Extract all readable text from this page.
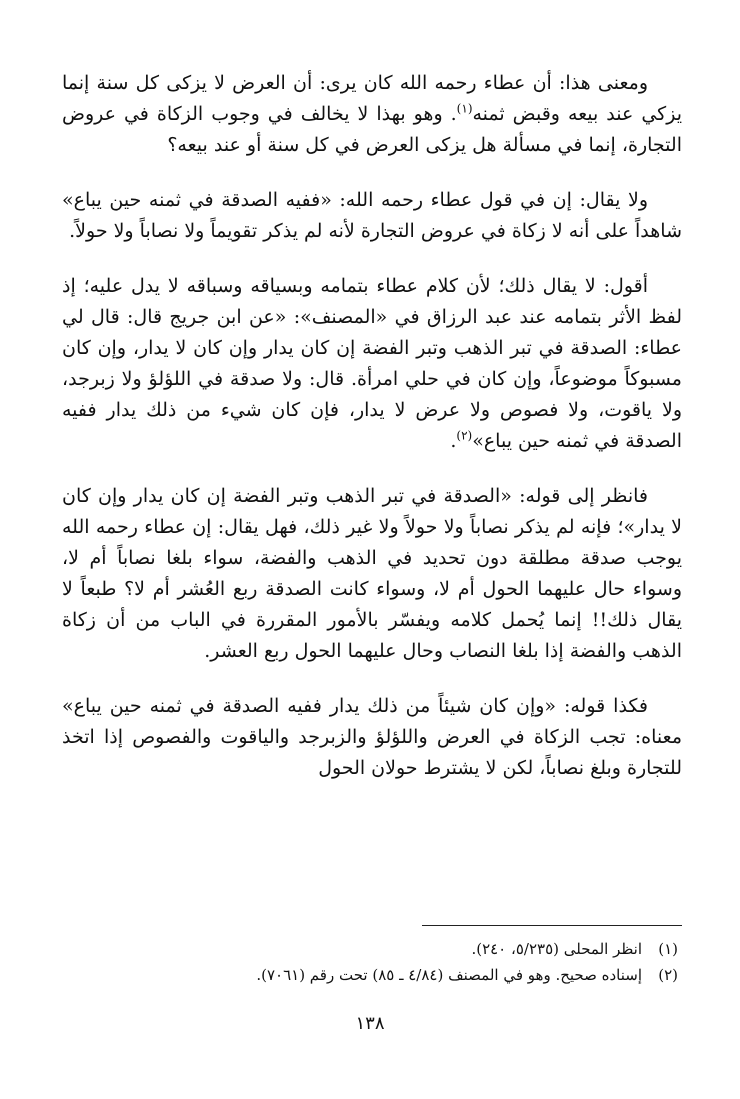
ومعنى هذا: أن عطاء رحمه الله كان يرى: أن العرض لا يزكى كل سنة إنما يزكي عند بيعه وقبض ثمنه$^{(١)}$. وهو بهذا لا يخالف في وجوب الزكاة في عروض التجارة، إنما في مسألة هل يزكى العرض في كل سنة أو عند بيعه؟

ولا يقال: إن في قول عطاء رحمه الله: «ففيه الصدقة في ثمنه حين يباع» شاهداً على أنه لا زكاة في عروض التجارة لأنه لم يذكر تقويماً ولا نصاباً ولا حولاً.

أقول: لا يقال ذلك؛ لأن كلام عطاء بتمامه وبسياقه وسباقه لا يدل عليه؛ إذ لفظ الأثر بتمامه عند عبد الرزاق في «المصنف»: «عن ابن جريج قال: قال لي عطاء: الصدقة في تبر الذهب وتبر الفضة إن كان يدار وإن كان لا يدار، وإن كان مسبوكاً موضوعاً، وإن كان في حلي امرأة. قال: ولا صدقة في اللؤلؤ ولا زبرجد، ولا ياقوت، ولا فصوص ولا عرض لا يدار، فإن كان شيء من ذلك يدار ففيه الصدقة في ثمنه حين يباع»$^{(٢)}$.

فانظر إلى قوله: «الصدقة في تبر الذهب وتبر الفضة إن كان يدار وإن كان لا يدار»؛ فإنه لم يذكر نصاباً ولا حولاً ولا غير ذلك، فهل يقال: إن عطاء رحمه الله يوجب صدقة مطلقة دون تحديد في الذهب والفضة، سواء بلغا نصاباً أم لا، وسواء حال عليهما الحول أم لا، وسواء كانت الصدقة ربع العُشر أم لا؟ طبعاً لا يقال ذلك!! إنما يُحمل كلامه ويفسّر بالأمور المقررة في الباب من أن زكاة الذهب والفضة إذا بلغا النصاب وحال عليهما الحول ربع العشر.

فكذا قوله: «وإن كان شيئاً من ذلك يدار ففيه الصدقة في ثمنه حين يباع» معناه: تجب الزكاة في العرض واللؤلؤ والزبرجد والياقوت والفصوص إذا اتخذ للتجارة وبلغ نصاباً، لكن لا يشترط حولان الحول

(١)انظر المحلى (٥/٢٣٥، ٢٤٠).

(٢)إسناده صحيح. وهو في المصنف (٤/٨٤ ـ ٨٥) تحت رقم (٧٠٦١).

١٣٨
